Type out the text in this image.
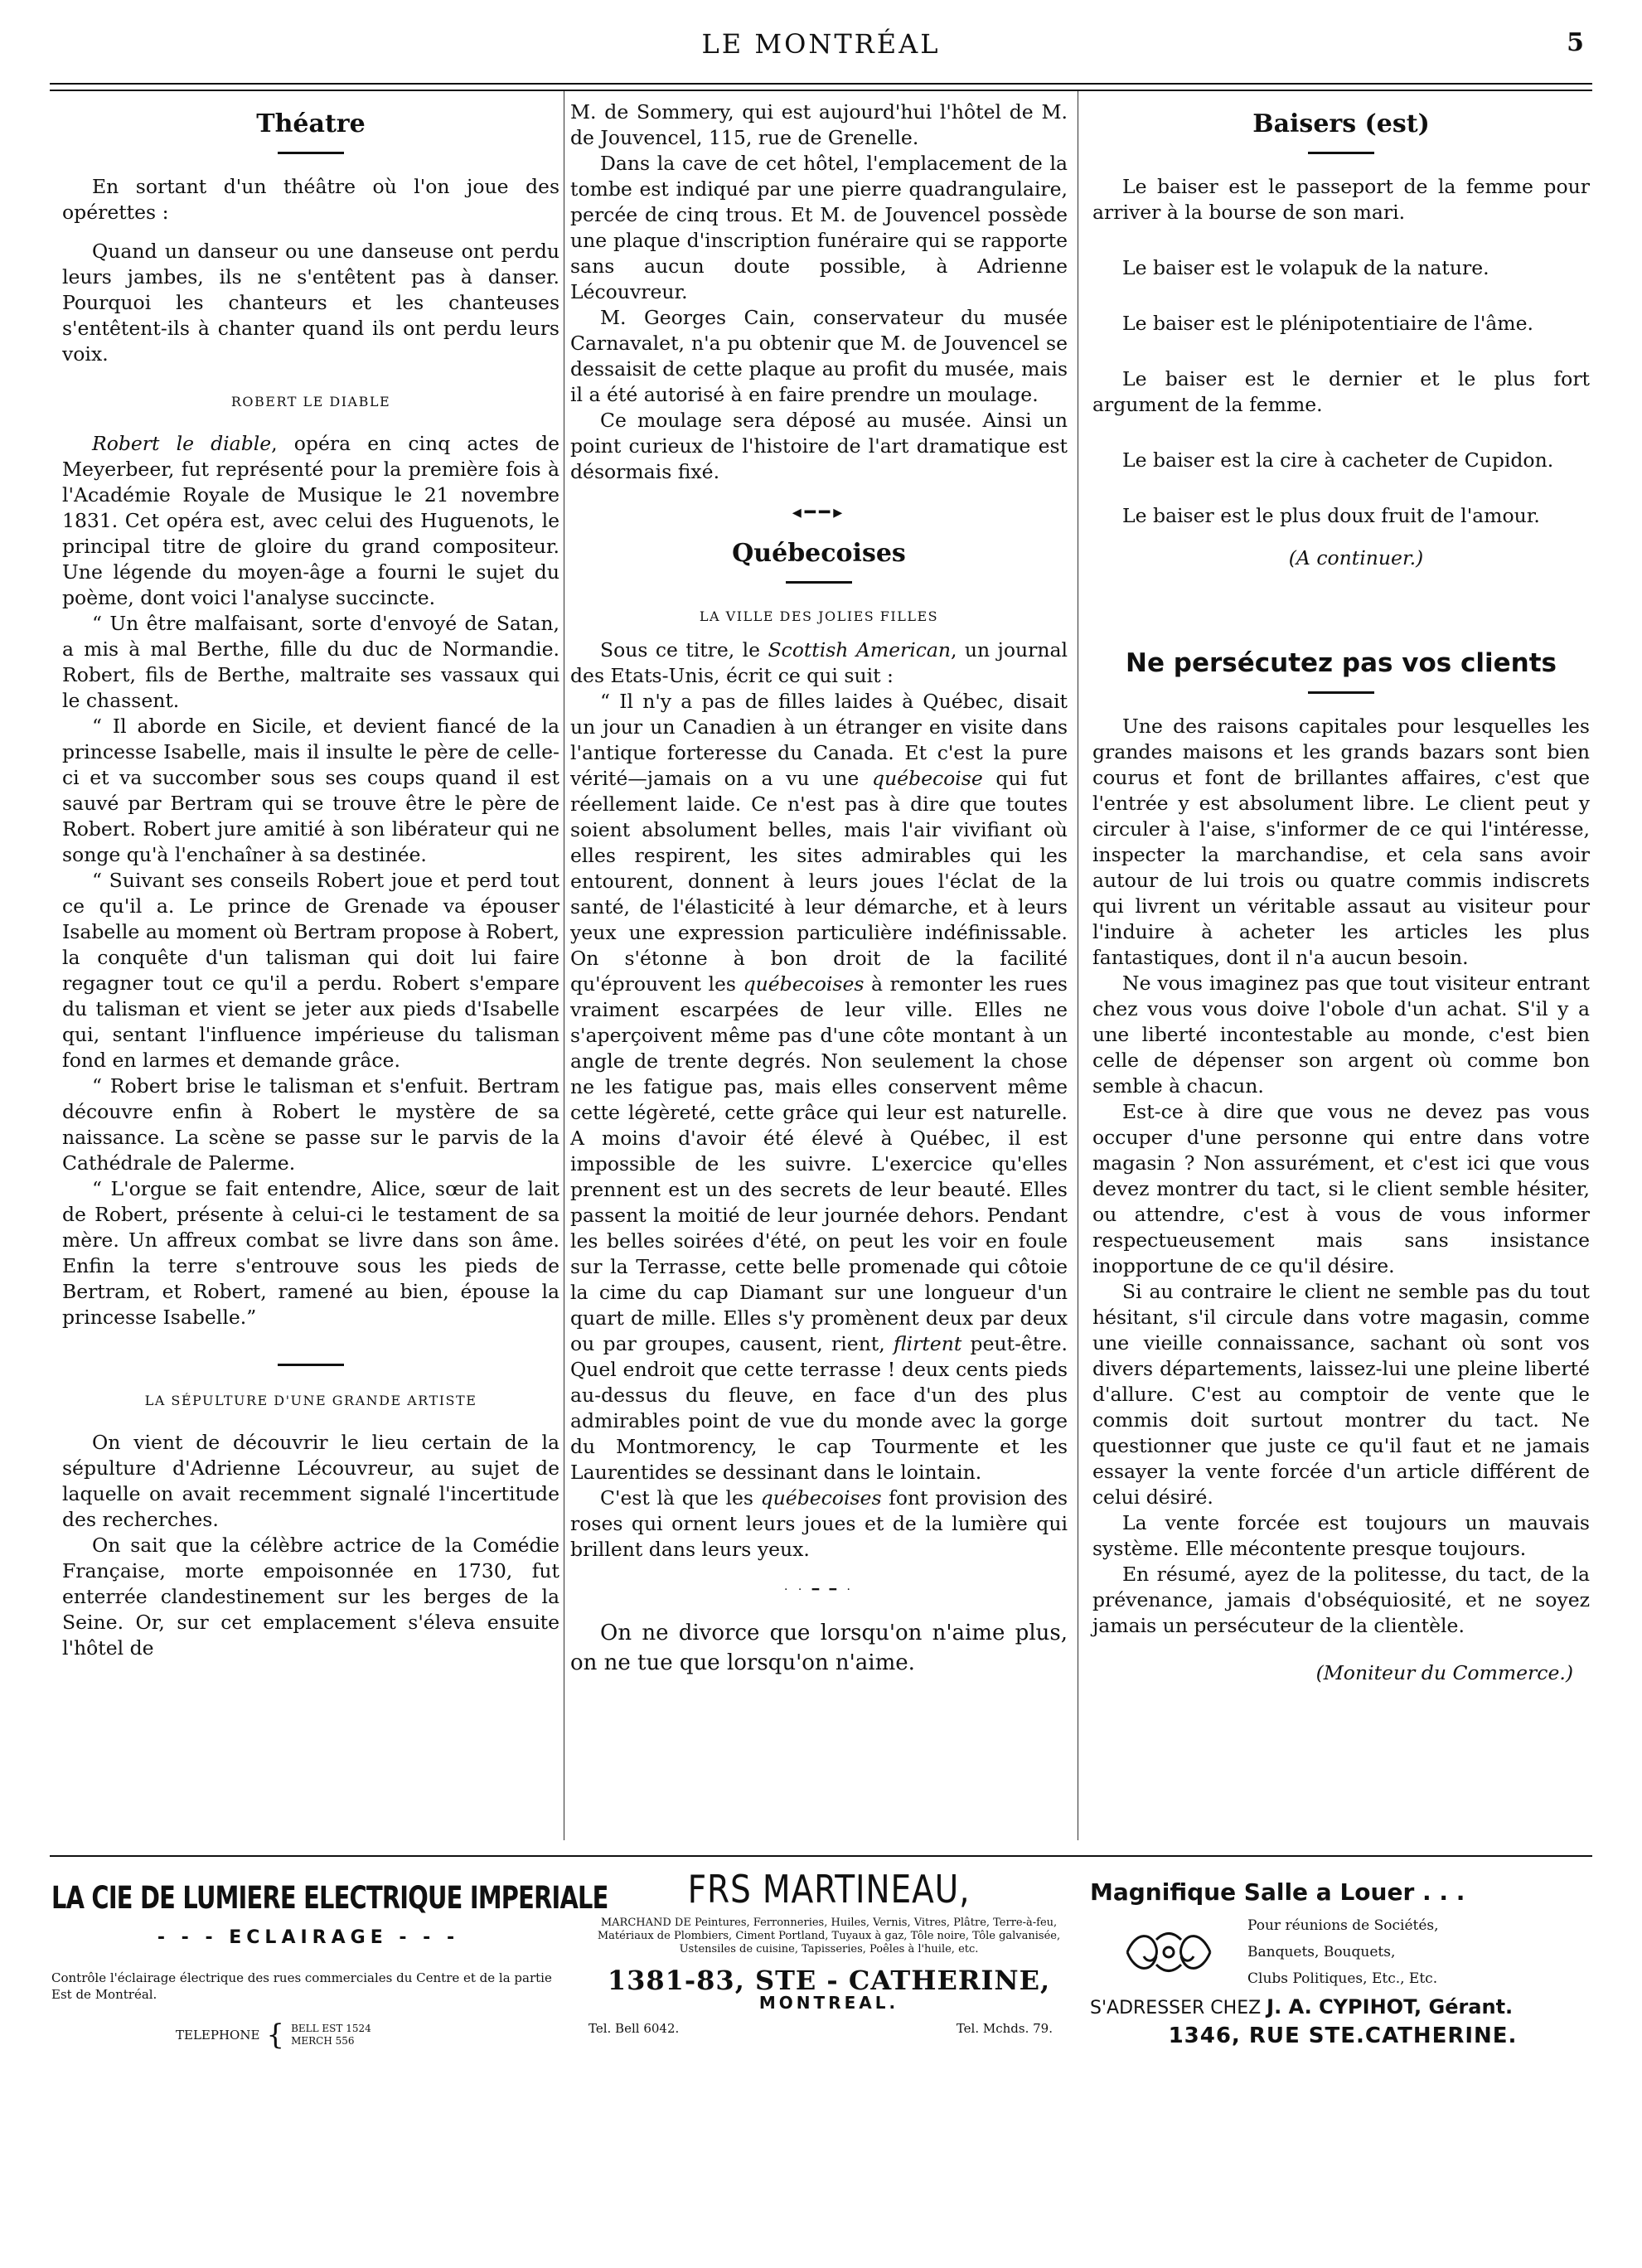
LE MONTRÉAL	5
Théatre

En sortant d'un théâtre où l'on joue des opérettes :

Quand un danseur ou une danseuse ont perdu leurs jambes, ils ne s'entêtent pas à danser. Pourquoi les chanteurs et les chanteuses s'entêtent-ils à chanter quand ils ont perdu leurs voix.

ROBERT LE DIABLE

Robert le diable, opéra en cinq actes de Meyerbeer, fut représenté pour la première fois à l'Académie Royale de Musique le 21 novembre 1831. Cet opéra est, avec celui des Huguenots, le principal titre de gloire du grand compositeur. Une légende du moyen-âge a fourni le sujet du poème, dont voici l'analyse succincte.

“ Un être malfaisant, sorte d'envoyé de Satan, a mis à mal Berthe, fille du duc de Normandie. Robert, fils de Berthe, maltraite ses vassaux qui le chassent.

“ Il aborde en Sicile, et devient fiancé de la princesse Isabelle, mais il insulte le père de celle-ci et va succomber sous ses coups quand il est sauvé par Bertram qui se trouve être le père de Robert. Robert jure amitié à son libérateur qui ne songe qu'à l'enchaîner à sa destinée.

“ Suivant ses conseils Robert joue et perd tout ce qu'il a. Le prince de Grenade va épouser Isabelle au moment où Bertram propose à Robert, la conquête d'un talisman qui doit lui faire regagner tout ce qu'il a perdu. Robert s'empare du talisman et vient se jeter aux pieds d'Isabelle qui, sentant l'influence impérieuse du talisman fond en larmes et demande grâce.

“ Robert brise le talisman et s'enfuit. Bertram découvre enfin à Robert le mystère de sa naissance. La scène se passe sur le parvis de la Cathédrale de Palerme.

“ L'orgue se fait entendre, Alice, sœur de lait de Robert, présente à celui-ci le testament de sa mère. Un affreux combat se livre dans son âme. Enfin la terre s'entrouve sous les pieds de Bertram, et Robert, ramené au bien, épouse la princesse Isabelle.”

LA SÉPULTURE D'UNE GRANDE ARTISTE

On vient de découvrir le lieu certain de la sépulture d'Adrienne Lécouvreur, au sujet de laquelle on avait recemment signalé l'incertitude des recherches.

On sait que la célèbre actrice de la Comédie Française, morte empoisonnée en 1730, fut enterrée clandestinement sur les berges de la Seine. Or, sur cet emplacement s'éleva ensuite l'hôtel de

M. de Sommery, qui est aujourd'hui l'hôtel de M. de Jouvencel, 115, rue de Grenelle.

Dans la cave de cet hôtel, l'emplacement de la tombe est indiqué par une pierre quadrangulaire, percée de cinq trous. Et M. de Jouvencel possède une plaque d'inscription funéraire qui se rapporte sans aucun doute possible, à Adrienne Lécouvreur.

M. Georges Cain, conservateur du musée Carnavalet, n'a pu obtenir que M. de Jouvencel se dessaisit de cette plaque au profit du musée, mais il a été autorisé à en faire prendre un moulage.

Ce moulage sera déposé au musée. Ainsi un point curieux de l'histoire de l'art dramatique est désormais fixé.

◂━━▸
Québecoises
LA VILLE DES JOLIES FILLES

Sous ce titre, le Scottish American, un journal des Etats-Unis, écrit ce qui suit :

“ Il n'y a pas de filles laides à Québec, disait un jour un Canadien à un étranger en visite dans l'antique forteresse du Canada. Et c'est la pure vérité—jamais on a vu une québecoise qui fut réellement laide. Ce n'est pas à dire que toutes soient absolument belles, mais l'air vivifiant où elles respirent, les sites admirables qui les entourent, donnent à leurs joues l'éclat de la santé, de l'élasticité à leur démarche, et à leurs yeux une expression particulière indéfinissable. On s'étonne à bon droit de la facilité qu'éprouvent les québecoises à remonter les rues vraiment escarpées de leur ville. Elles ne s'aperçoivent même pas d'une côte montant à un angle de trente degrés. Non seulement la chose ne les fatigue pas, mais elles conservent même cette légèreté, cette grâce qui leur est naturelle. A moins d'avoir été élevé à Québec, il est impossible de les suivre. L'exercice qu'elles prennent est un des secrets de leur beauté. Elles passent la moitié de leur journée dehors. Pendant les belles soirées d'été, on peut les voir en foule sur la Terrasse, cette belle promenade qui côtoie la cime du cap Diamant sur une longueur d'un quart de mille. Elles s'y promènent deux par deux ou par groupes, causent, rient, flirtent peut-être. Quel endroit que cette terrasse ! deux cents pieds au-dessus du fleuve, en face d'un des plus admirables point de vue du monde avec la gorge du Montmorency, le cap Tourmente et les Laurentides se dessinant dans le lointain.

C'est là que les québecoises font provision des roses qui ornent leurs joues et de la lumière qui brillent dans leurs yeux.

· · ━ ━ ·

On ne divorce que lorsqu'on n'aime plus, on ne tue que lorsqu'on n'aime.

Baisers (est)

Le baiser est le passeport de la femme pour arriver à la bourse de son mari.

Le baiser est le volapuk de la nature.

Le baiser est le plénipotentiaire de l'âme.

Le baiser est le dernier et le plus fort argument de la femme.

Le baiser est la cire à cacheter de Cupidon.

Le baiser est le plus doux fruit de l'amour.

(A continuer.)

Ne persécutez pas vos clients

Une des raisons capitales pour lesquelles les grandes maisons et les grands bazars sont bien courus et font de brillantes affaires, c'est que l'entrée y est absolument libre. Le client peut y circuler à l'aise, s'informer de ce qui l'intéresse, inspecter la marchandise, et cela sans avoir autour de lui trois ou quatre commis indiscrets qui livrent un véritable assaut au visiteur pour l'induire à acheter les articles les plus fantastiques, dont il n'a aucun besoin.

Ne vous imaginez pas que tout visiteur entrant chez vous vous doive l'obole d'un achat. S'il y a une liberté incontestable au monde, c'est bien celle de dépenser son argent où comme bon semble à chacun.

Est-ce à dire que vous ne devez pas vous occuper d'une personne qui entre dans votre magasin ? Non assurément, et c'est ici que vous devez montrer du tact, si le client semble hésiter, ou attendre, c'est à vous de vous informer respectueusement mais sans insistance inopportune de ce qu'il désire.

Si au contraire le client ne semble pas du tout hésitant, s'il circule dans votre magasin, comme une vieille connaissance, sachant où sont vos divers départements, laissez-lui une pleine liberté d'allure. C'est au comptoir de vente que le commis doit surtout montrer du tact. Ne questionner que juste ce qu'il faut et ne jamais essayer la vente forcée d'un article différent de celui désiré.

La vente forcée est toujours un mauvais système. Elle mécontente presque toujours.

En résumé, ayez de la politesse, du tact, de la prévenance, jamais d'obséquiosité, et ne soyez jamais un persécuteur de la clientèle.

(Moniteur du Commerce.)

LA CIE DE LUMIERE ELECTRIQUE IMPERIALE
- - - ECLAIRAGE - - -
Contrôle l'éclairage électrique des rues commerciales du Centre et de la partie Est de Montréal.
TELEPHONE { BELL EST 1524
MERCH 556
FRS MARTINEAU,
MARCHAND DE Peintures, Ferronneries, Huiles, Vernis, Vitres, Plâtre, Terre-à-feu, Matériaux de Plombiers, Ciment Portland, Tuyaux à gaz, Tôle noire, Tôle galvanisée, Ustensiles de cuisine, Tapisseries, Poêles à l'huile, etc.
1381-83, STE - CATHERINE,
MONTREAL.
Tel. Bell 6042.	Tel. Mchds. 79.
Magnifique Salle a Louer . . .
Pour réunions de Sociétés,
Banquets, Bouquets,
Clubs Politiques, Etc., Etc.
S'ADRESSER CHEZ J. A. CYPIHOT, Gérant.
1346, RUE STE.CATHERINE.
